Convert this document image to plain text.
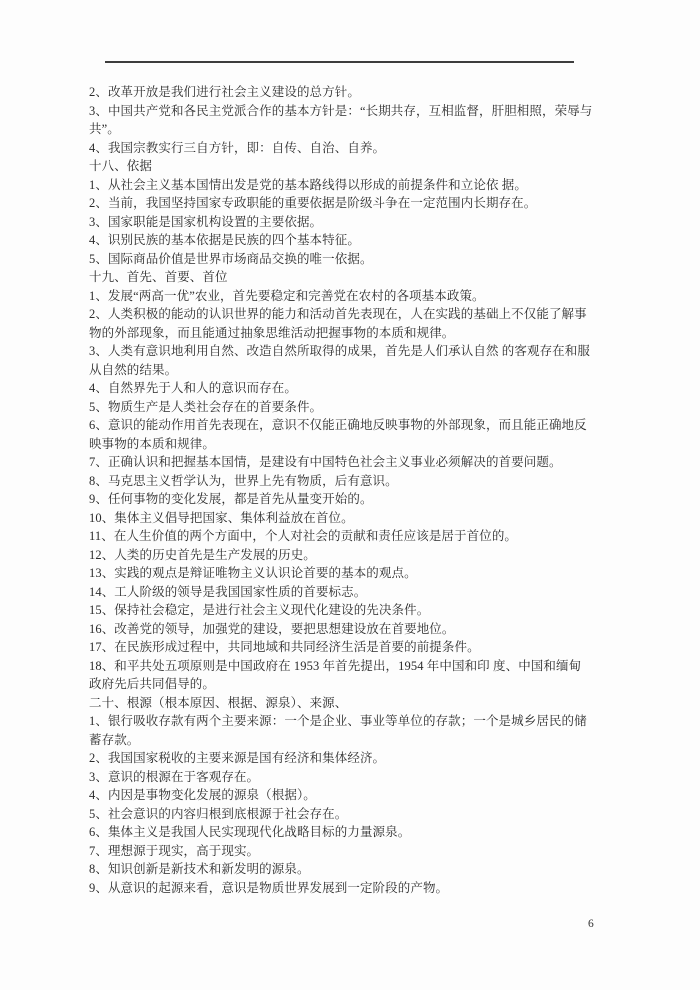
2、改革开放是我们进行社会主义建设的总方针。
3、中国共产党和各民主党派合作的基本方针是：“长期共存，互相监督，肝胆相照，荣辱与
共”。
4、我国宗教实行三自方针，即：自传、自治、自养。
十八、依据
1、从社会主义基本国情出发是党的基本路线得以形成的前提条件和立论依 据。
2、当前，我国坚持国家专政职能的重要依据是阶级斗争在一定范围内长期存在。
3、国家职能是国家机构设置的主要依据。
4、识别民族的基本依据是民族的四个基本特征。
5、国际商品价值是世界市场商品交换的唯一依据。
十九、首先、首要、首位
1、发展“两高一优”农业，首先要稳定和完善党在农村的各项基本政策。
2、人类积极的能动的认识世界的能力和活动首先表现在，人在实践的基础上不仅能了解事
物的外部现象，而且能通过抽象思维活动把握事物的本质和规律。
3、人类有意识地利用自然、改造自然所取得的成果，首先是人们承认自然 的客观存在和服
从自然的结果。
4、自然界先于人和人的意识而存在。
5、物质生产是人类社会存在的首要条件。
6、意识的能动作用首先表现在，意识不仅能正确地反映事物的外部现象，而且能正确地反
映事物的本质和规律。
7、正确认识和把握基本国情，是建设有中国特色社会主义事业必须解决的首要问题。
8、马克思主义哲学认为，世界上先有物质，后有意识。
9、任何事物的变化发展，都是首先从量变开始的。
10、集体主义倡导把国家、集体利益放在首位。
11、在人生价值的两个方面中，个人对社会的贡献和责任应该是居于首位的。
12、人类的历史首先是生产发展的历史。
13、实践的观点是辩证唯物主义认识论首要的基本的观点。
14、工人阶级的领导是我国国家性质的首要标志。
15、保持社会稳定，是进行社会主义现代化建设的先决条件。
16、改善党的领导，加强党的建设，要把思想建设放在首要地位。
17、在民族形成过程中，共同地域和共同经济生活是首要的前提条件。
18、和平共处五项原则是中国政府在 1953 年首先提出，1954 年中国和印 度、中国和缅甸
政府先后共同倡导的。
二十、根源（根本原因、根据、源泉）、来源、
1、银行吸收存款有两个主要来源：一个是企业、事业等单位的存款；一个是城乡居民的储
蓄存款。
2、我国国家税收的主要来源是国有经济和集体经济。
3、意识的根源在于客观存在。
4、内因是事物变化发展的源泉（根据）。
5、社会意识的内容归根到底根源于社会存在。
6、集体主义是我国人民实现现代化战略目标的力量源泉。
7、理想源于现实，高于现实。
8、知识创新是新技术和新发明的源泉。
9、从意识的起源来看，意识是物质世界发展到一定阶段的产物。
6
